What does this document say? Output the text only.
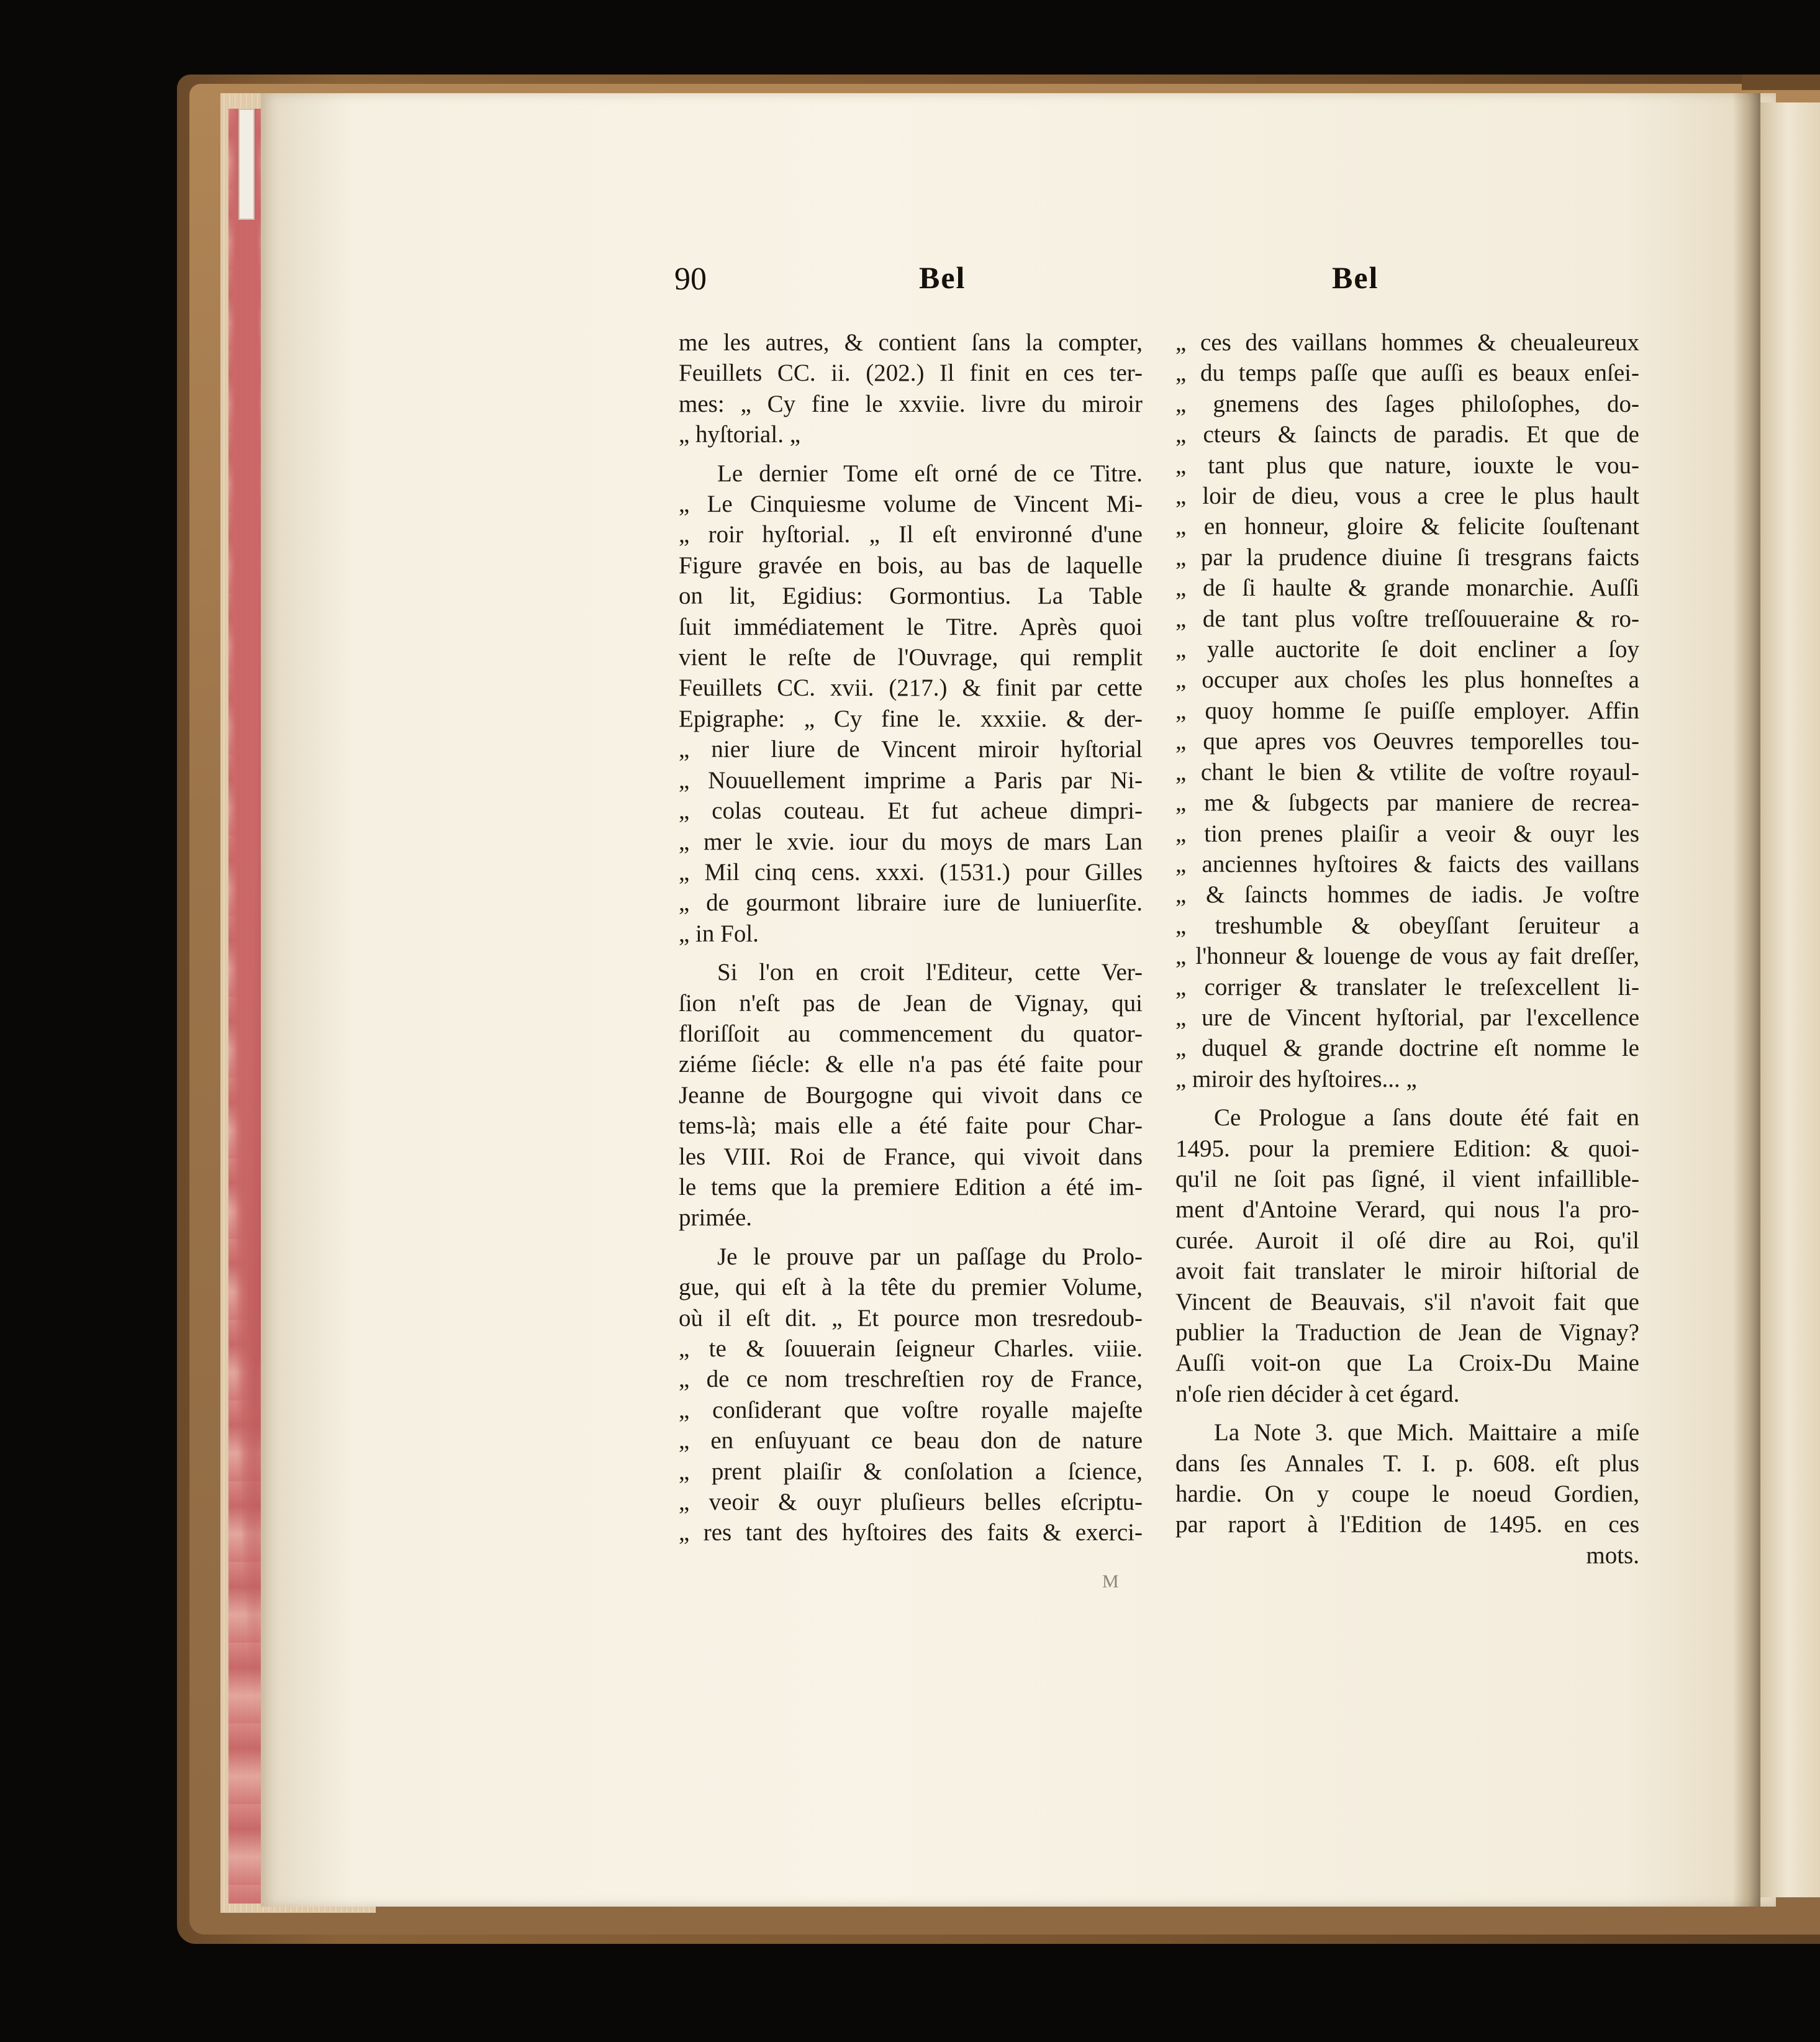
90	Bel	Bel
me les autres, & contient ſans la compter,
Feuillets CC. ii. (202.) Il finit en ces ter-
mes: „ Cy fine le xxviie. livre du miroir
„ hyſtorial. „
Le dernier Tome eſt orné de ce Titre.
„ Le Cinquiesme volume de Vincent Mi-
„ roir hyſtorial. „ Il eſt environné d'une
Figure gravée en bois, au bas de laquelle
on lit, Egidius: Gormontius. La Table
ſuit immédiatement le Titre. Après quoi
vient le reſte de l'Ouvrage, qui remplit
Feuillets CC. xvii. (217.) & finit par cette
Epigraphe: „ Cy fine le. xxxiie. & der-
„ nier liure de Vincent miroir hyſtorial
„ Nouuellement imprime a Paris par Ni-
„ colas couteau. Et fut acheue dimpri-
„ mer le xvie. iour du moys de mars Lan
„ Mil cinq cens. xxxi. (1531.) pour Gilles
„ de gourmont libraire iure de luniuerſite.
„ in Fol.
Si l'on en croit l'Editeur, cette Ver-
ſion n'eſt pas de Jean de Vignay, qui
floriſſoit au commencement du quator-
ziéme ſiécle: & elle n'a pas été faite pour
Jeanne de Bourgogne qui vivoit dans ce
tems-là; mais elle a été faite pour Char-
les VIII. Roi de France, qui vivoit dans
le tems que la premiere Edition a été im-
primée.
Je le prouve par un paſſage du Prolo-
gue, qui eſt à la tête du premier Volume,
où il eſt dit. „ Et pource mon tresredoub-
„ te & ſouuerain ſeigneur Charles. viiie.
„ de ce nom treschreſtien roy de France,
„ conſiderant que voſtre royalle majeſte
„ en enſuyuant ce beau don de nature
„ prent plaiſir & conſolation a ſcience,
„ veoir & ouyr pluſieurs belles eſcriptu-
„ res tant des hyſtoires des faits & exerci-
„ ces des vaillans hommes & cheualeureux
„ du temps paſſe que auſſi es beaux enſei-
„ gnemens des ſages philoſophes, do-
„ cteurs & ſaincts de paradis. Et que de
„ tant plus que nature, iouxte le vou-
„ loir de dieu, vous a cree le plus hault
„ en honneur, gloire & felicite ſouſtenant
„ par la prudence diuine ſi tresgrans faicts
„ de ſi haulte & grande monarchie. Auſſi
„ de tant plus voſtre treſſouueraine & ro-
„ yalle auctorite ſe doit encliner a ſoy
„ occuper aux choſes les plus honneſtes a
„ quoy homme ſe puiſſe employer. Affin
„ que apres vos Oeuvres temporelles tou-
„ chant le bien & vtilite de voſtre royaul-
„ me & ſubgects par maniere de recrea-
„ tion prenes plaiſir a veoir & ouyr les
„ anciennes hyſtoires & faicts des vaillans
„ & ſaincts hommes de iadis. Je voſtre
„ treshumble & obeyſſant ſeruiteur a
„ l'honneur & louenge de vous ay fait dreſſer,
„ corriger & translater le treſexcellent li-
„ ure de Vincent hyſtorial, par l'excellence
„ duquel & grande doctrine eſt nomme le
„ miroir des hyſtoires... „
Ce Prologue a ſans doute été fait en
1495. pour la premiere Edition: & quoi-
qu'il ne ſoit pas ſigné, il vient infaillible-
ment d'Antoine Verard, qui nous l'a pro-
curée. Auroit il oſé dire au Roi, qu'il
avoit fait translater le miroir hiſtorial de
Vincent de Beauvais, s'il n'avoit fait que
publier la Traduction de Jean de Vignay?
Auſſi voit-on que La Croix-Du Maine
n'oſe rien décider à cet égard.
La Note 3. que Mich. Maittaire a miſe
dans ſes Annales T. I. p. 608. eſt plus
hardie. On y coupe le noeud Gordien,
par raport à l'Edition de 1495. en ces
mots.
M
